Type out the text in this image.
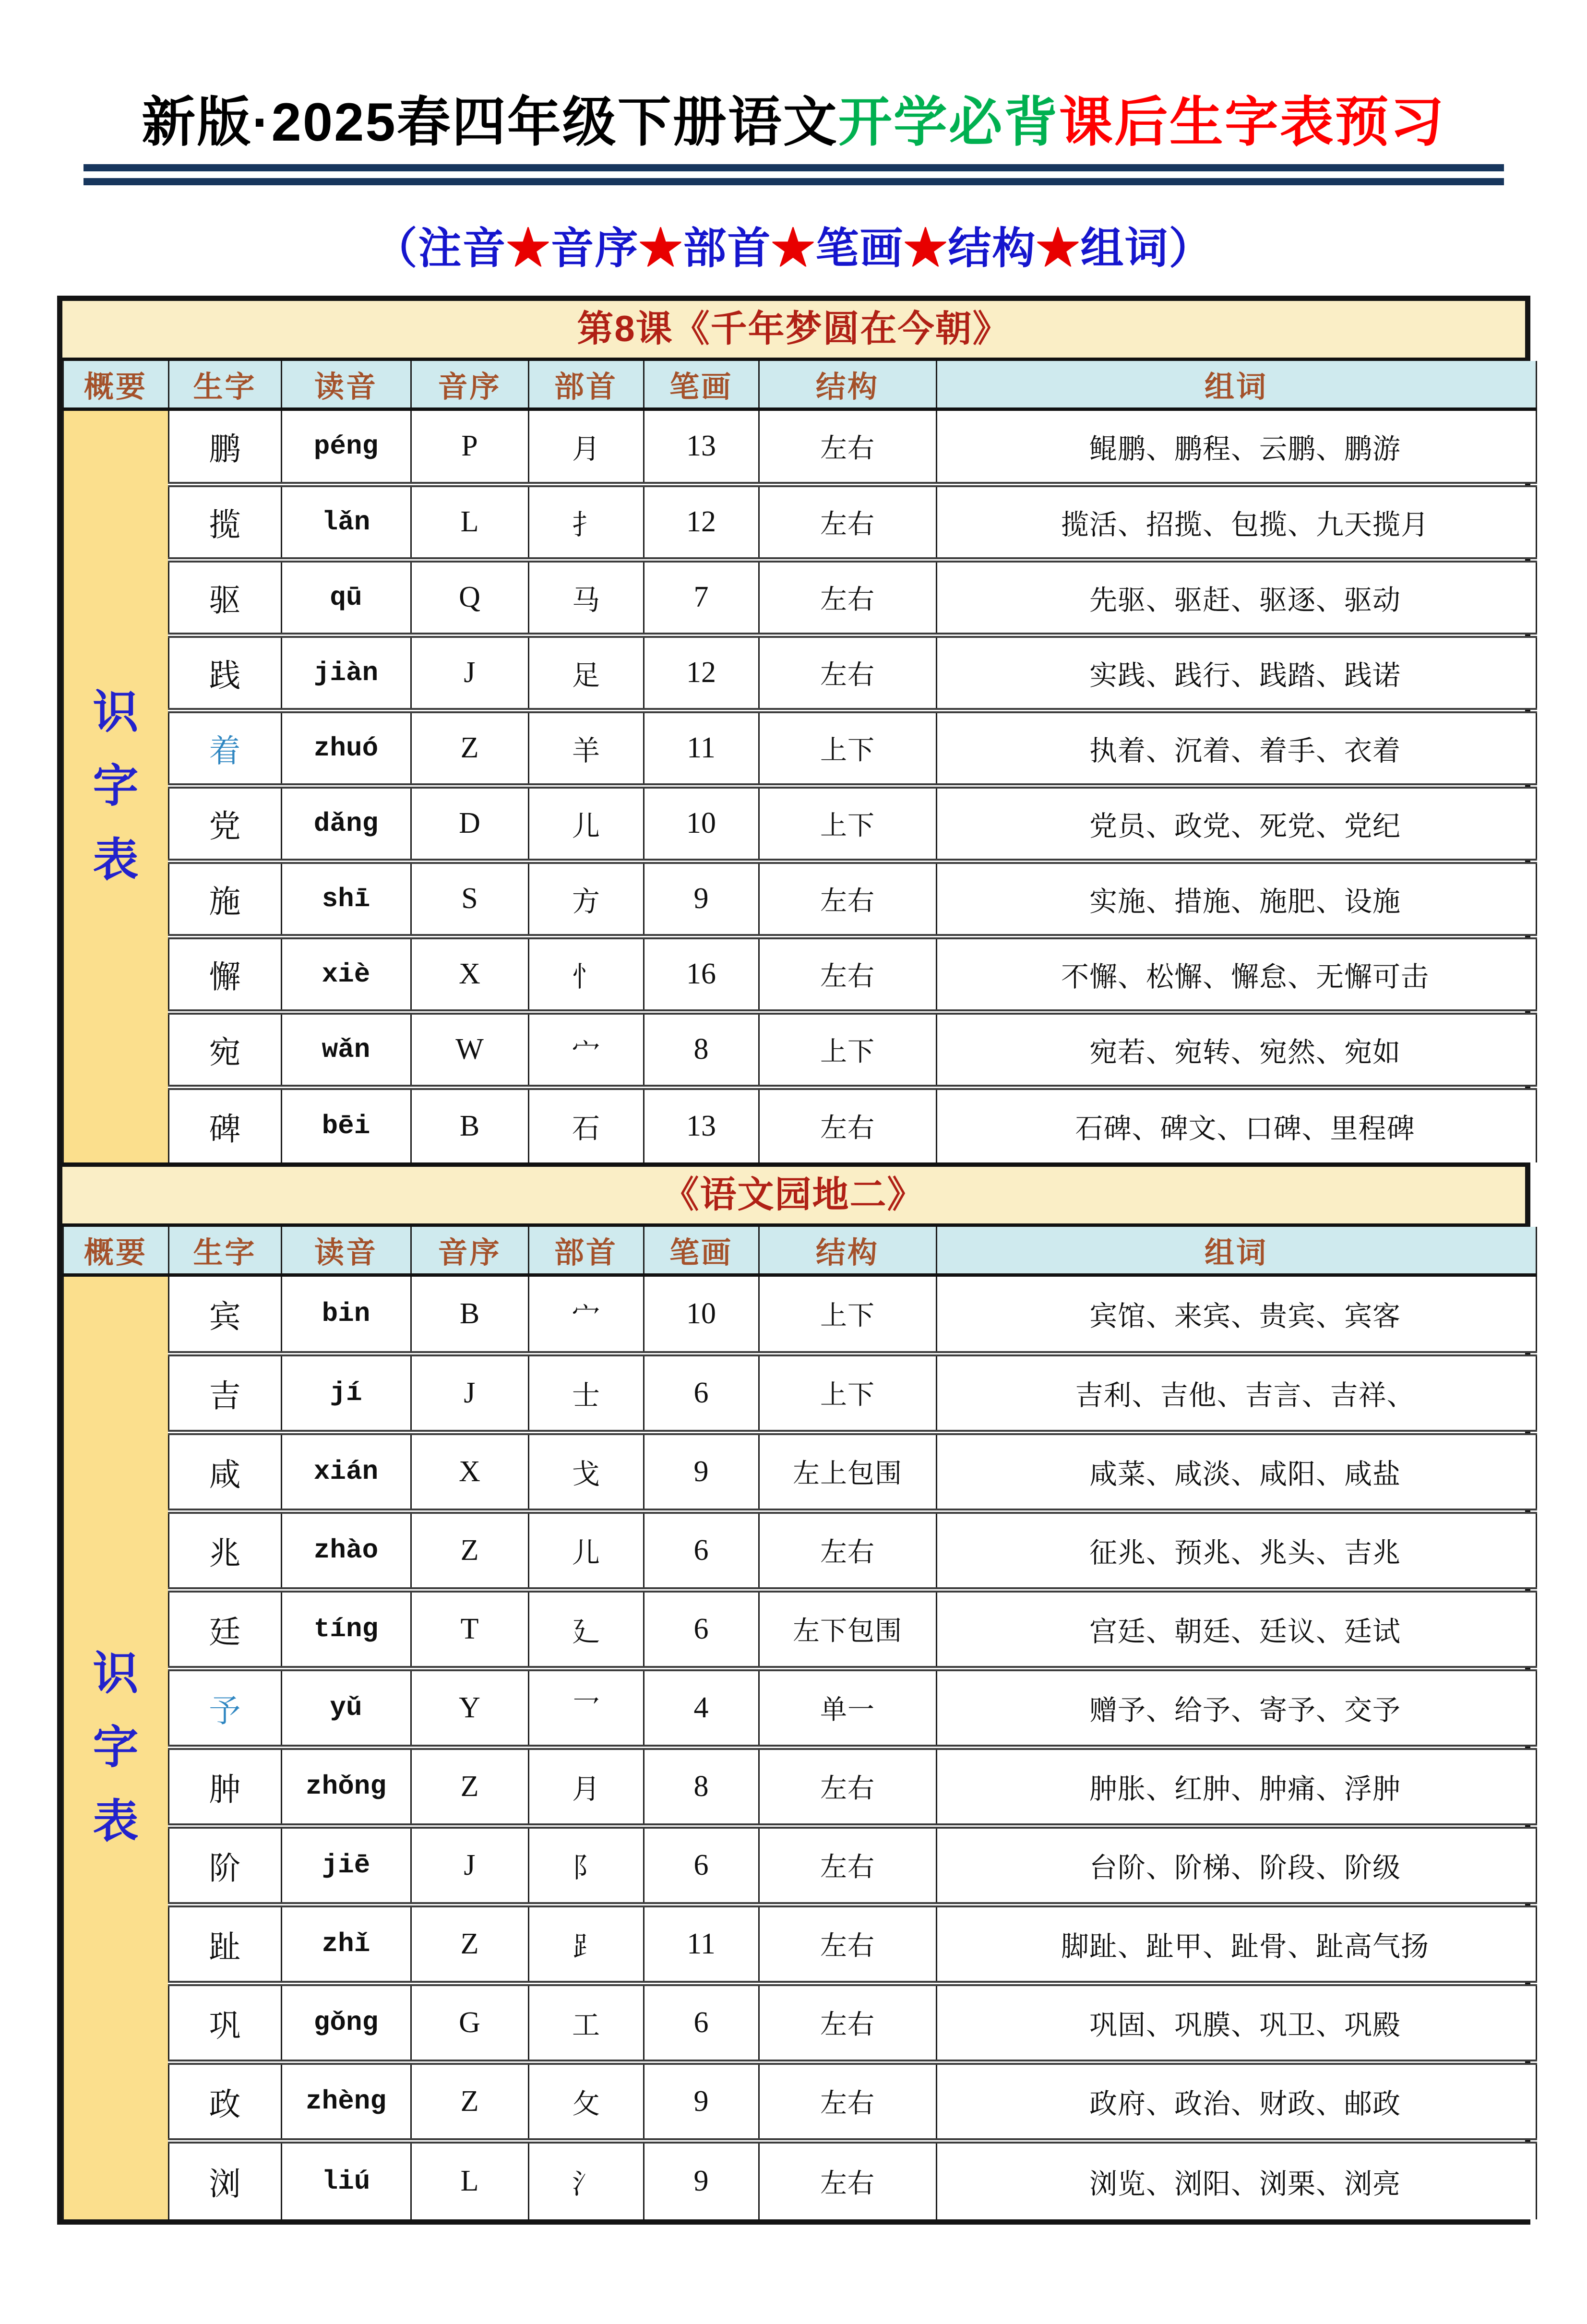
新版·2025春四年级下册语文开学必背课后生字表预习
（注音★音序★部首★笔画★结构★组词）
第8课《千年梦圆在今朝》
概要	生字	读音	音序	部首	笔画	结构	组词

识字表	鹏	péng	P	月	13	左右	鲲鹏、鹏程、云鹏、鹏游
	揽	lǎn	L	扌	12	左右	揽活、招揽、包揽、九天揽月
	驱	qū	Q	马	7	左右	先驱、驱赶、驱逐、驱动
	践	jiàn	J	足	12	左右	实践、践行、践踏、践诺
	着	zhuó	Z	羊	11	上下	执着、沉着、着手、衣着
	党	dǎng	D	儿	10	上下	党员、政党、死党、党纪
	施	shī	S	方	9	左右	实施、措施、施肥、设施
	懈	xiè	X	忄	16	左右	不懈、松懈、懈怠、无懈可击
	宛	wǎn	W	宀	8	上下	宛若、宛转、宛然、宛如
	碑	bēi	B	石	13	左右	石碑、碑文、口碑、里程碑
《语文园地二》
概要	生字	读音	音序	部首	笔画	结构	组词

识字表	宾	bin	B	宀	10	上下	宾馆、来宾、贵宾、宾客
	吉	jí	J	士	6	上下	吉利、吉他、吉言、吉祥、
	咸	xián	X	戈	9	左上包围	咸菜、咸淡、咸阳、咸盐
	兆	zhào	Z	儿	6	左右	征兆、预兆、兆头、吉兆
	廷	tíng	T	廴	6	左下包围	宫廷、朝廷、廷议、廷试
	予	yǔ	Y	乛	4	单一	赠予、给予、寄予、交予
	肿	zhǒng	Z	月	8	左右	肿胀、红肿、肿痛、浮肿
	阶	jiē	J	阝	6	左右	台阶、阶梯、阶段、阶级
	趾	zhǐ	Z	⻊	11	左右	脚趾、趾甲、趾骨、趾高气扬
	巩	gǒng	G	工	6	左右	巩固、巩膜、巩卫、巩殿
	政	zhèng	Z	攵	9	左右	政府、政治、财政、邮政
	浏	liú	L	氵	9	左右	浏览、浏阳、浏栗、浏亮
